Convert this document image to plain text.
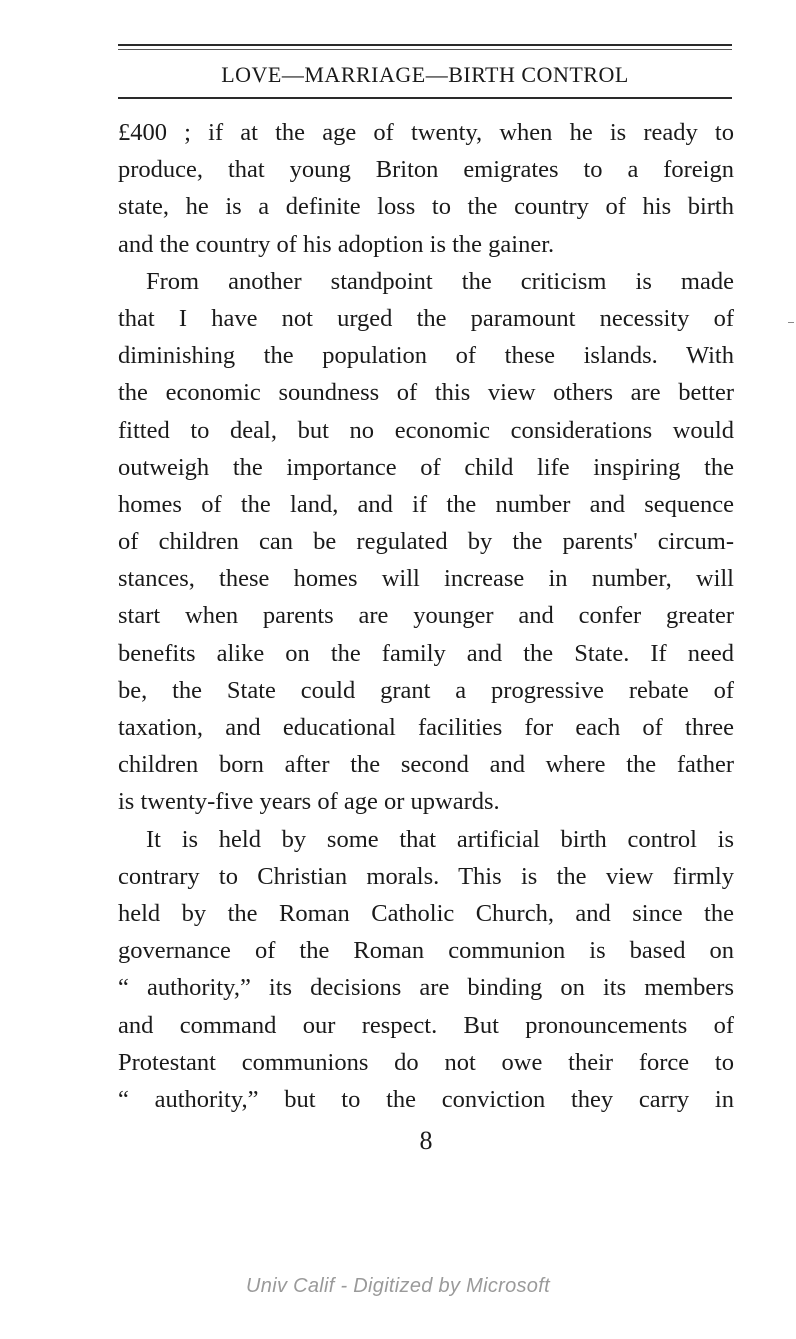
LOVE—MARRIAGE—BIRTH CONTROL
£400 ; if at the age of twenty, when he is ready to
produce, that young Briton emigrates to a foreign
state, he is a definite loss to the country of his birth
and the country of his adoption is the gainer.
From another standpoint the criticism is made
that I have not urged the paramount necessity of
diminishing the population of these islands. With
the economic soundness of this view others are better
fitted to deal, but no economic considerations would
outweigh the importance of child life inspiring the
homes of the land, and if the number and sequence
of children can be regulated by the parents' circum-
stances, these homes will increase in number, will
start when parents are younger and confer greater
benefits alike on the family and the State. If need
be, the State could grant a progressive rebate of
taxation, and educational facilities for each of three
children born after the second and where the father
is twenty-five years of age or upwards.
It is held by some that artificial birth control is
contrary to Christian morals. This is the view firmly
held by the Roman Catholic Church, and since the
governance of the Roman communion is based on
“ authority,” its decisions are binding on its members
and command our respect. But pronouncements of
Protestant communions do not owe their force to
“ authority,” but to the conviction they carry in
8
Univ Calif - Digitized by Microsoft
